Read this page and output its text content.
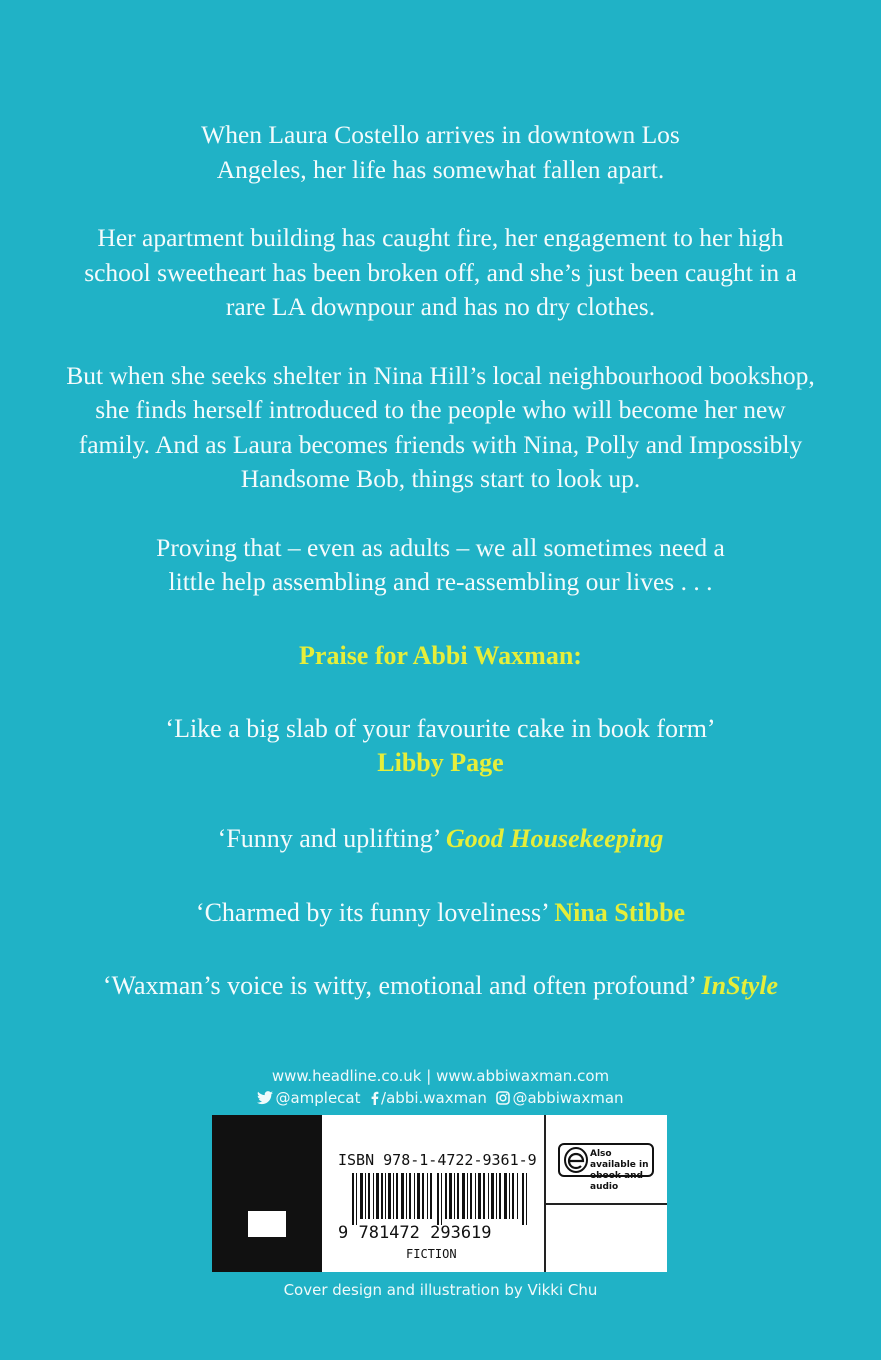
When Laura Costello arrives in downtown Los Angeles, her life has somewhat fallen apart.

Her apartment building has caught fire, her engagement to her high school sweetheart has been broken off, and she’s just been caught in a rare LA downpour and has no dry clothes.

But when she seeks shelter in Nina Hill’s local neighbourhood bookshop, she finds herself introduced to the people who will become her new family. And as Laura becomes friends with Nina, Polly and Impossibly Handsome Bob, things start to look up.

Proving that – even as adults – we all sometimes need a little help assembling and re-assembling our lives . . .

Praise for Abbi Waxman:
‘Like a big slab of your favourite cake in book form’
Libby Page
‘Funny and uplifting’ Good Housekeeping
‘Charmed by its funny loveliness’ Nina Stibbe
‘Waxman’s voice is witty, emotional and often profound’ InStyle
www.headline.co.uk | www.abbiwaxman.com
@amplecat /abbi.waxman @abbiwaxman
ISBN 978-1-4722-9361-9
9 781472 293619
FICTION
Also available in ebook and audio
Cover design and illustration by Vikki Chu
